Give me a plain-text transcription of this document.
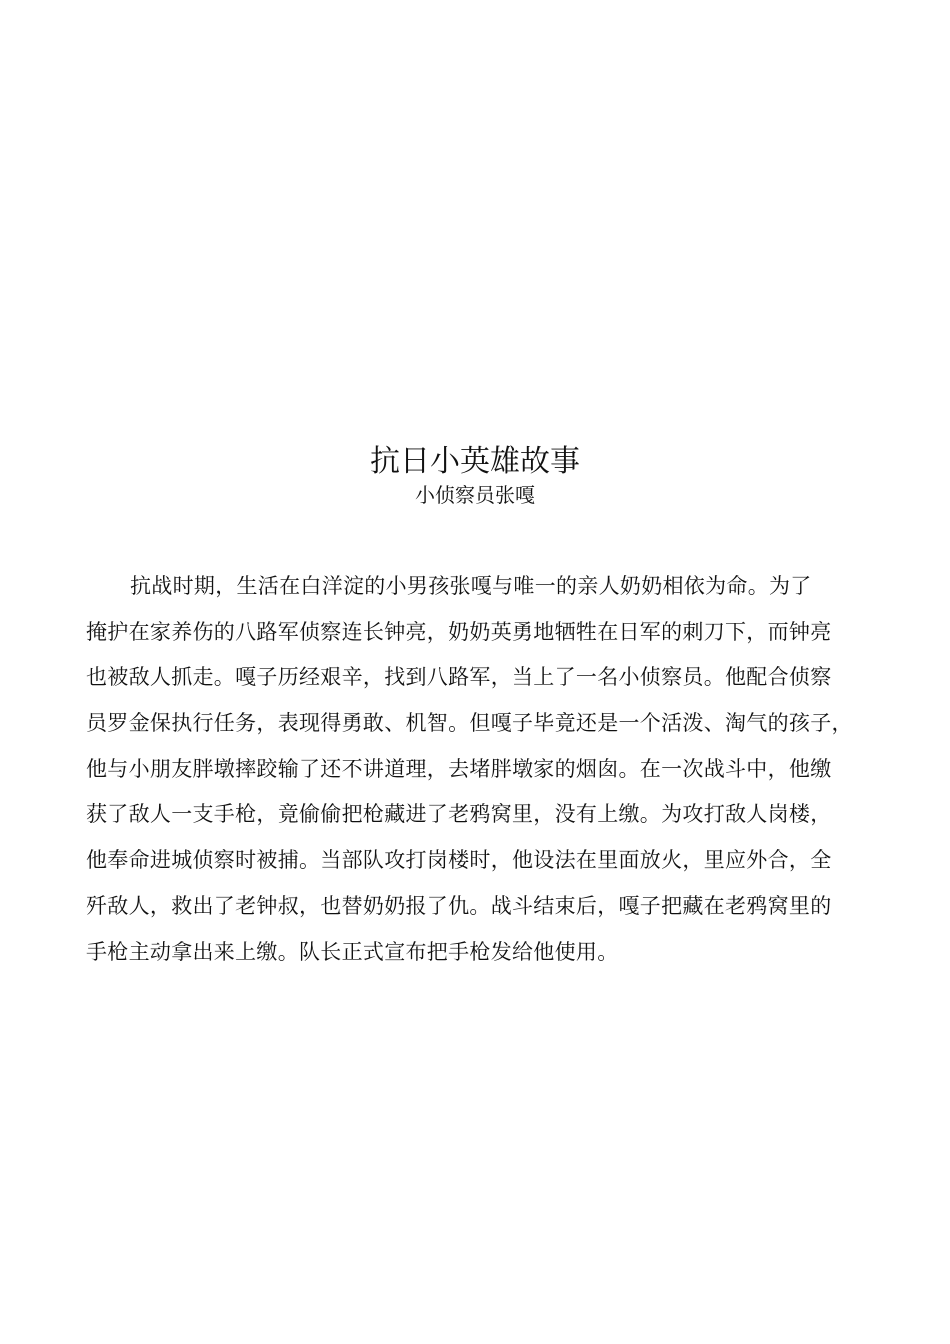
抗日小英雄故事
小侦察员张嘎
抗战时期，生活在白洋淀的小男孩张嘎与唯一的亲人奶奶相依为命。为了
掩护在家养伤的八路军侦察连长钟亮，奶奶英勇地牺牲在日军的刺刀下，而钟亮
也被敌人抓走。嘎子历经艰辛，找到八路军，当上了一名小侦察员。他配合侦察
员罗金保执行任务，表现得勇敢、机智。但嘎子毕竟还是一个活泼、淘气的孩子，
他与小朋友胖墩摔跤输了还不讲道理，去堵胖墩家的烟囱。在一次战斗中，他缴
获了敌人一支手枪，竟偷偷把枪藏进了老鸦窝里，没有上缴。为攻打敌人岗楼，
他奉命进城侦察时被捕。当部队攻打岗楼时，他设法在里面放火，里应外合，全
歼敌人，救出了老钟叔，也替奶奶报了仇。战斗结束后，嘎子把藏在老鸦窝里的
手枪主动拿出来上缴。队长正式宣布把手枪发给他使用。
